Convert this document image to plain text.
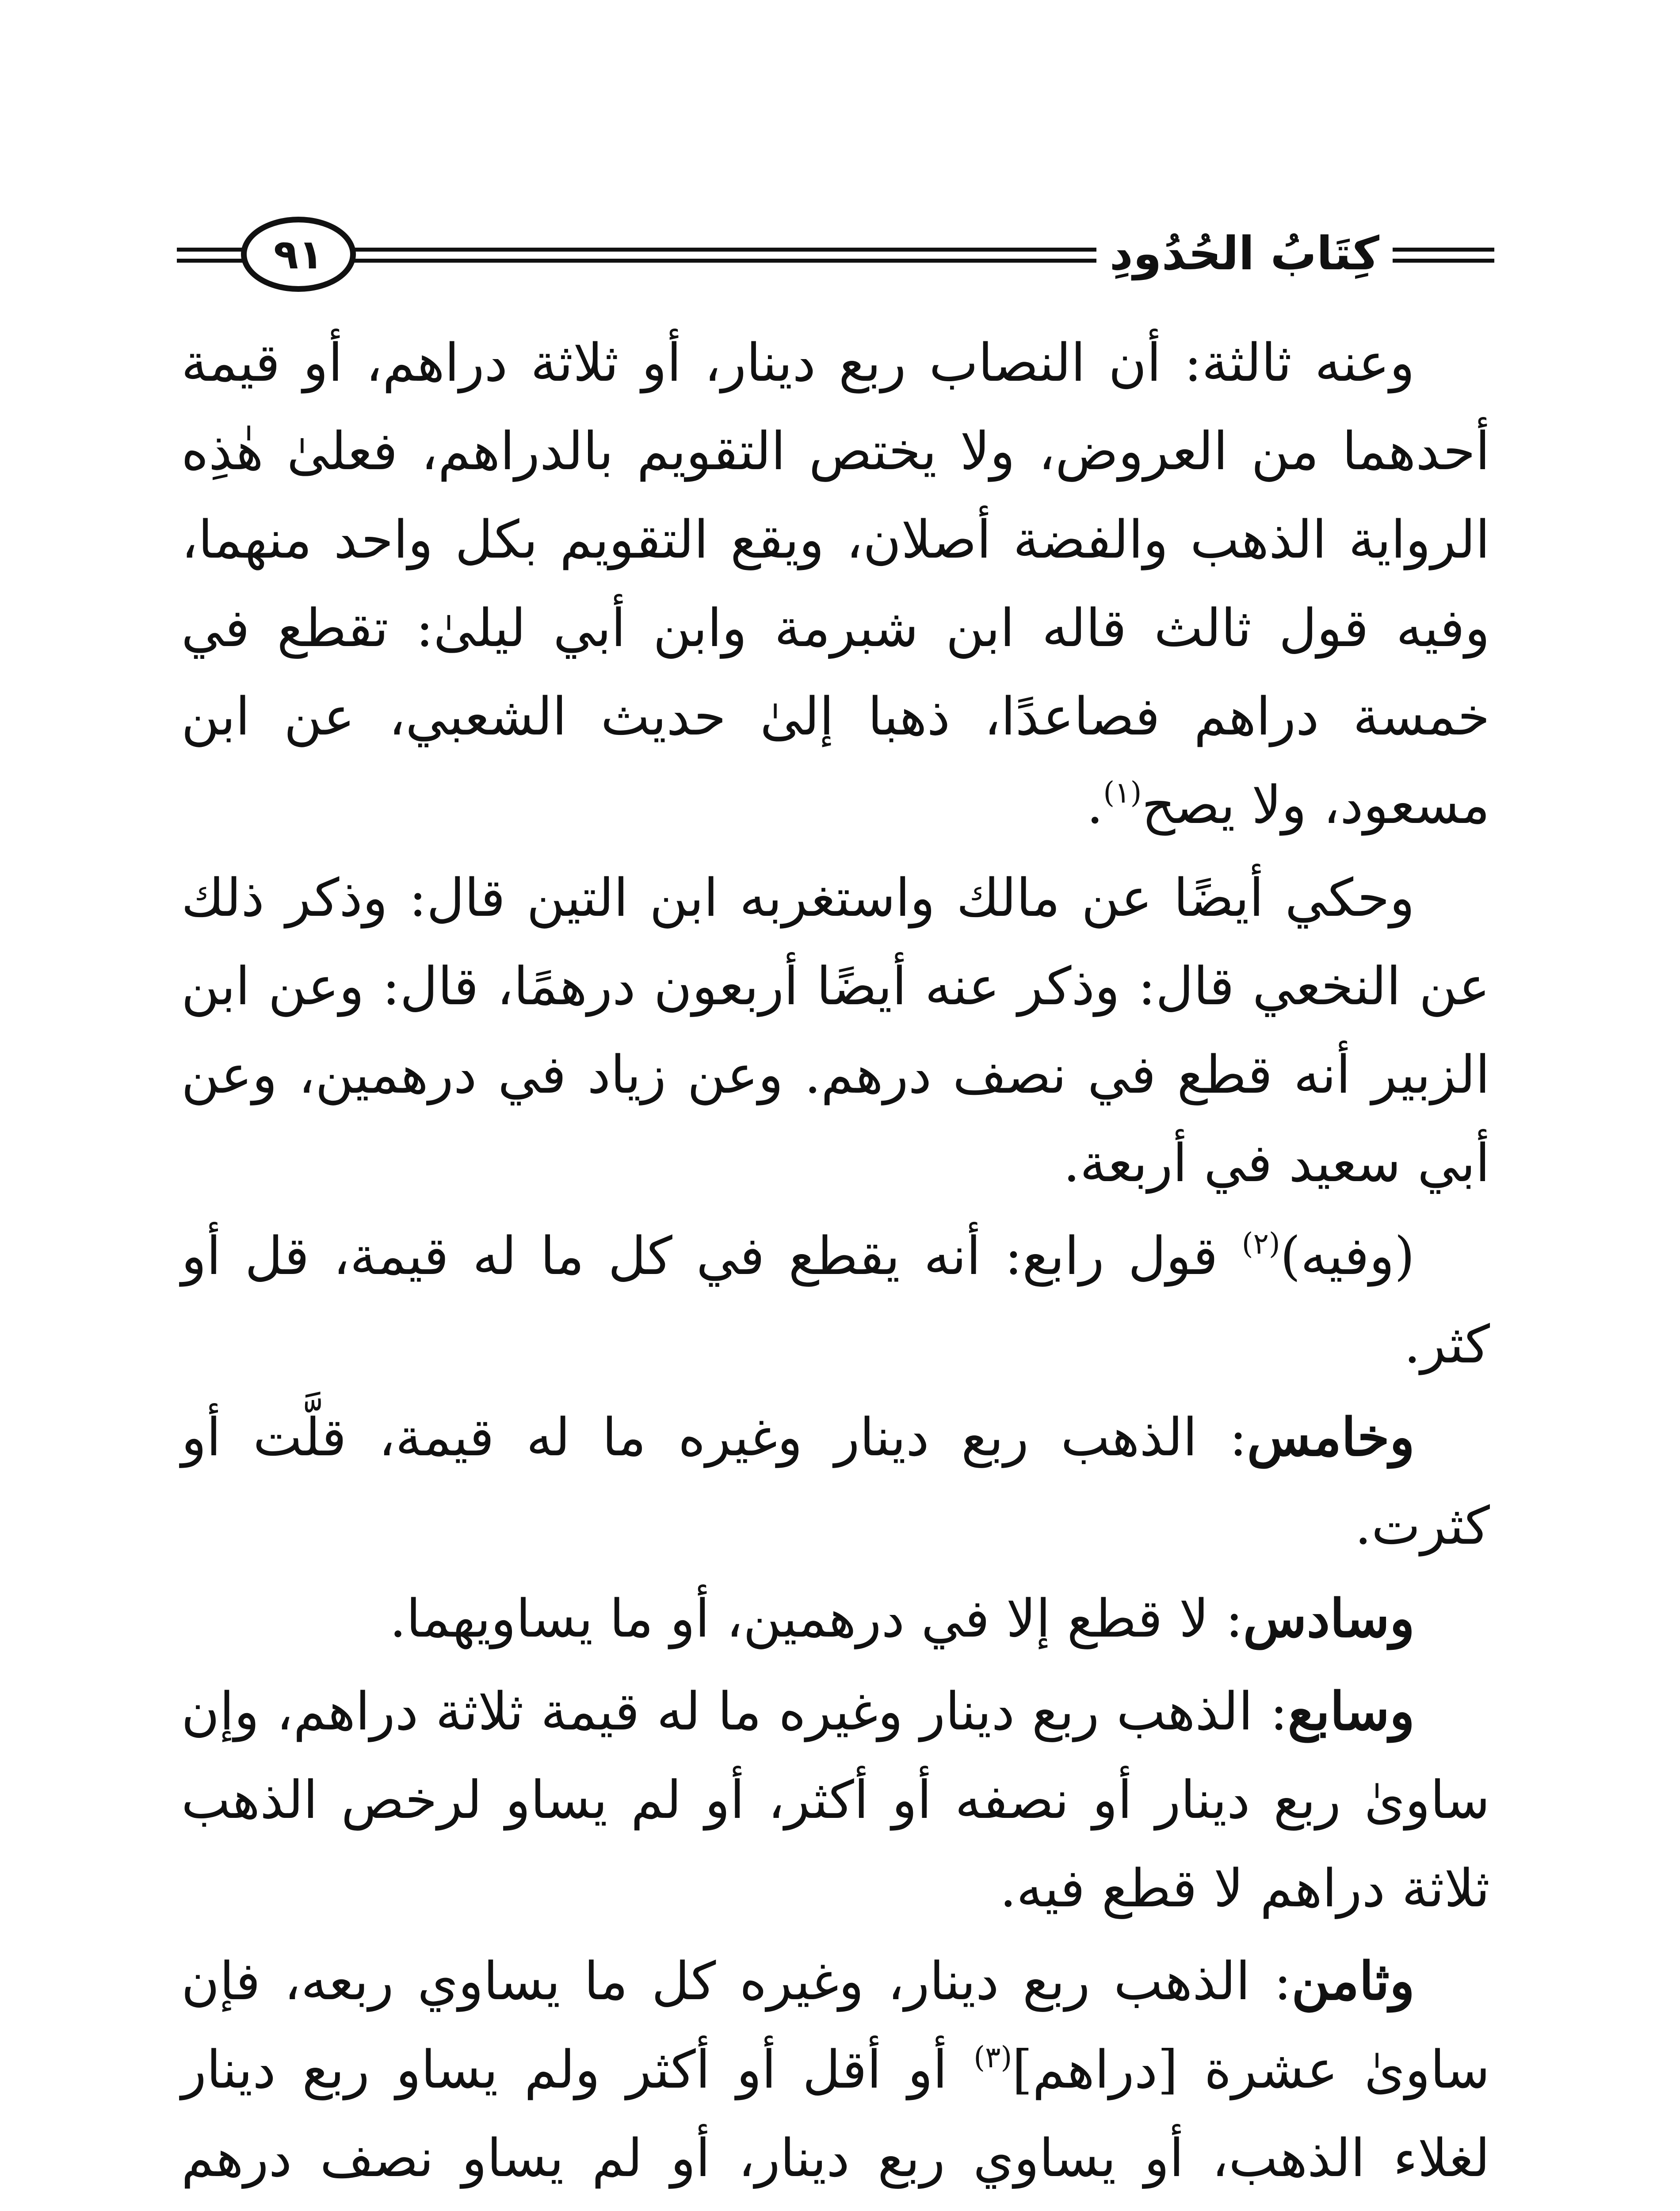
٩١	كِتَابُ الحُدُودِ

وعنه ثالثة: أن النصاب ربع دينار، أو ثلاثة دراهم، أو قيمة أحدهما من العروض، ولا يختص التقويم بالدراهم، فعلىٰ هٰذِه الرواية الذهب والفضة أصلان، ويقع التقويم بكل واحد منهما، وفيه قول ثالث قاله ابن شبرمة وابن أبي ليلىٰ: تقطع في خمسة دراهم فصاعدًا، ذهبا إلىٰ حديث الشعبي، عن ابن مسعود، ولا يصح$^{(١)}$.

وحكي أيضًا عن مالك واستغربه ابن التين قال: وذكر ذلك عن النخعي قال: وذكر عنه أيضًا أربعون درهمًا، قال: وعن ابن الزبير أنه قطع في نصف درهم. وعن زياد في درهمين، وعن أبي سعيد في أربعة.

(وفيه)$^{(٢)}$ قول رابع: أنه يقطع في كل ما له قيمة، قل أو كثر.

وخامس: الذهب ربع دينار وغيره ما له قيمة، قلَّت أو كثرت.

وسادس: لا قطع إلا في درهمين، أو ما يساويهما.

وسابع: الذهب ربع دينار وغيره ما له قيمة ثلاثة دراهم، وإن ساوىٰ ربع دينار أو نصفه أو أكثر، أو لم يساو لرخص الذهب ثلاثة دراهم لا قطع فيه.

وثامن: الذهب ربع دينار، وغيره كل ما يساوي ربعه، فإن ساوىٰ عشرة [دراهم]$^{(٣)}$ أو أقل أو أكثر ولم يساو ربع دينار لغلاء الذهب، أو يساوي ربع دينار، أو لم يساو نصف درهم
